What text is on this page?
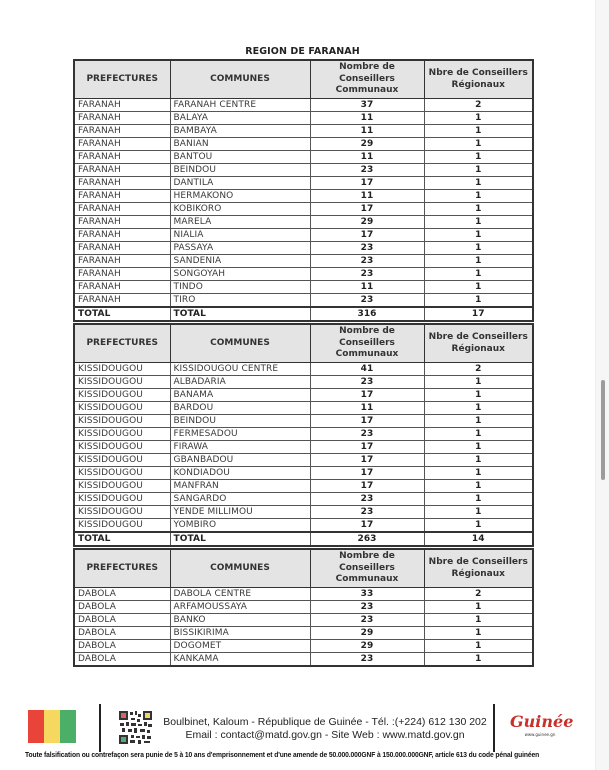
REGION DE FARANAH
PREFECTURES	COMMUNES	Nombre de Conseillers Communaux	Nbre de Conseillers Régionaux
FARANAH	FARANAH CENTRE	37	2
FARANAH	BALAYA	11	1
FARANAH	BAMBAYA	11	1
FARANAH	BANIAN	29	1
FARANAH	BANTOU	11	1
FARANAH	BEINDOU	23	1
FARANAH	DANTILA	17	1
FARANAH	HERMAKONO	11	1
FARANAH	KOBIKORO	17	1
FARANAH	MARELA	29	1
FARANAH	NIALIA	17	1
FARANAH	PASSAYA	23	1
FARANAH	SANDENIA	23	1
FARANAH	SONGOYAH	23	1
FARANAH	TINDO	11	1
FARANAH	TIRO	23	1
TOTAL	TOTAL	316	17
PREFECTURES	COMMUNES	Nombre de Conseillers Communaux	Nbre de Conseillers Régionaux
KISSIDOUGOU	KISSIDOUGOU CENTRE	41	2
KISSIDOUGOU	ALBADARIA	23	1
KISSIDOUGOU	BANAMA	17	1
KISSIDOUGOU	BARDOU	11	1
KISSIDOUGOU	BEINDOU	17	1
KISSIDOUGOU	FERMESADOU	23	1
KISSIDOUGOU	FIRAWA	17	1
KISSIDOUGOU	GBANBADOU	17	1
KISSIDOUGOU	KONDIADOU	17	1
KISSIDOUGOU	MANFRAN	17	1
KISSIDOUGOU	SANGARDO	23	1
KISSIDOUGOU	YENDE MILLIMOU	23	1
KISSIDOUGOU	YOMBIRO	17	1
TOTAL	TOTAL	263	14
PREFECTURES	COMMUNES	Nombre de Conseillers Communaux	Nbre de Conseillers Régionaux
DABOLA	DABOLA CENTRE	33	2
DABOLA	ARFAMOUSSAYA	23	1
DABOLA	BANKO	23	1
DABOLA	BISSIKIRIMA	29	1
DABOLA	DOGOMET	29	1
DABOLA	KANKAMA	23	1
Boulbinet, Kaloum - République de Guinée - Tél. :(+224) 612 130 202
Email : contact@matd.gov.gn - Site Web : www.matd.gov.gn
Guinée
www.guinee.gn
Toute falsification ou contrefaçon sera punie de 5 à 10 ans d'emprisonnement et d'une amende de 50.000.000GNF à 150.000.000GNF, article 613 du code pénal guinéen
